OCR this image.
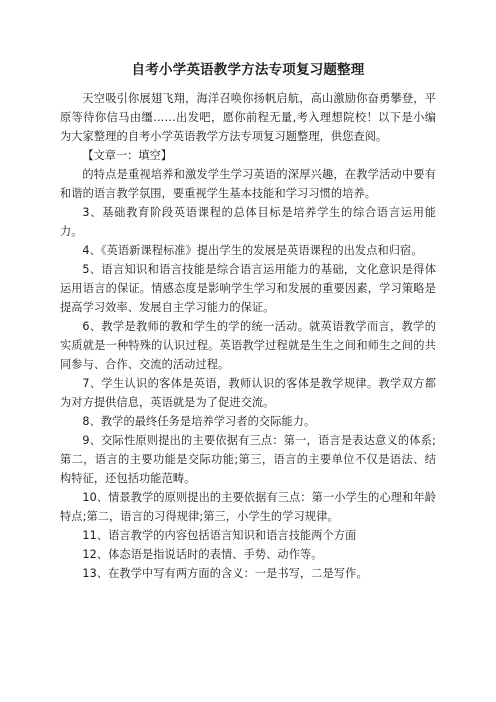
自考小学英语教学方法专项复习题整理

天空吸引你展翅飞翔，海洋召唤你扬帆启航，高山激励你奋勇攀登，平原等待你信马由缰……出发吧，愿你前程无量,考入理想院校！以下是小编为大家整理的自考小学英语教学方法专项复习题整理，供您查阅。

【文章一：填空】

的特点是重视培养和激发学生学习英语的深厚兴趣，在教学活动中要有和谐的语言教学氛围，要重视学生基本技能和学习习惯的培养。

3、基础教育阶段英语课程的总体目标是培养学生的综合语言运用能力。

4、《英语新课程标准》提出学生的发展是英语课程的出发点和归宿。

5、语言知识和语言技能是综合语言运用能力的基础，文化意识是得体运用语言的保证。情感态度是影响学生学习和发展的重要因素，学习策略是提高学习效率、发展自主学习能力的保证。

6、教学是教师的教和学生的学的统一活动。就英语教学而言，教学的实质就是一种特殊的认识过程。英语教学过程就是生生之间和师生之间的共同参与、合作、交流的活动过程。

7、学生认识的客体是英语，教师认识的客体是教学规律。教学双方都为对方提供信息，英语就是为了促进交流。

8、教学的最终任务是培养学习者的交际能力。

9、交际性原则提出的主要依据有三点：第一，语言是表达意义的体系;第二，语言的主要功能是交际功能;第三，语言的主要单位不仅是语法、结构特征，还包括功能范畴。

10、情景教学的原则提出的主要依据有三点：第一小学生的心理和年龄特点;第二，语言的习得规律;第三，小学生的学习规律。

11、语言教学的内容包括语言知识和语言技能两个方面

12、体态语是指说话时的表情、手势、动作等。

13、在教学中写有两方面的含义：一是书写，二是写作。
